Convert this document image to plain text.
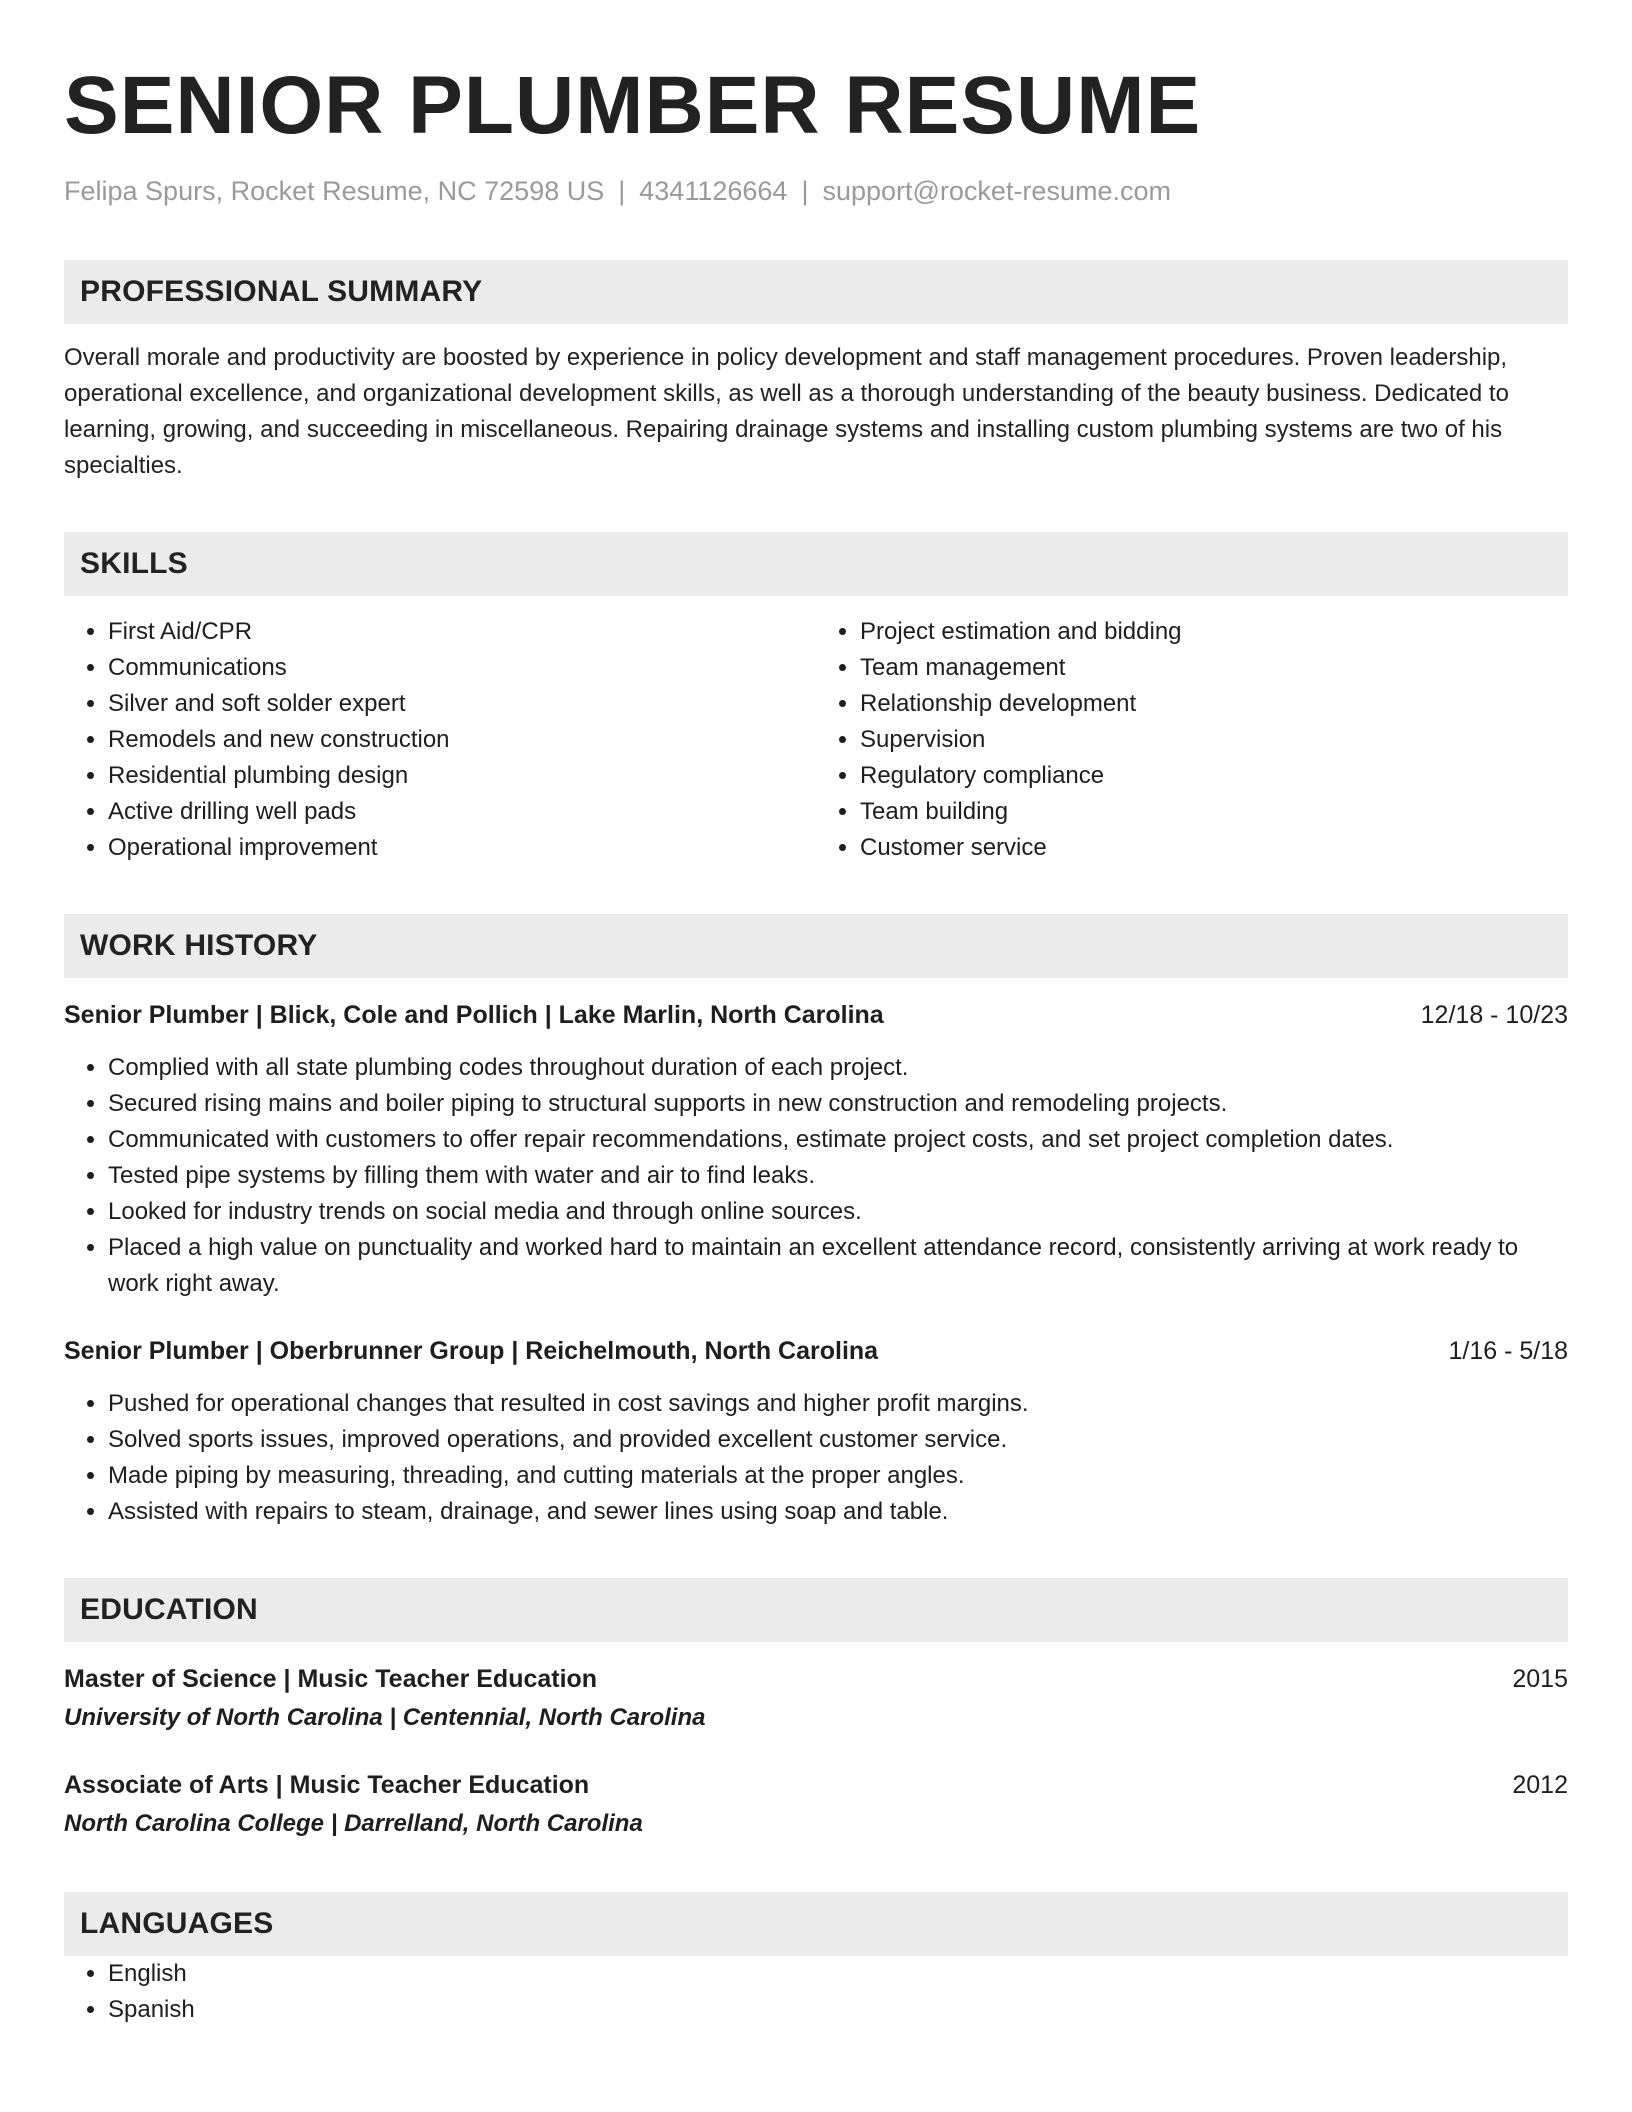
SENIOR PLUMBER RESUME
Felipa Spurs, Rocket Resume, NC 72598 US | 4341126664 | support@rocket-resume.com
PROFESSIONAL SUMMARY
Overall morale and productivity are boosted by experience in policy development and staff management procedures. Proven leadership, operational excellence, and organizational development skills, as well as a thorough understanding of the beauty business. Dedicated to learning, growing, and succeeding in miscellaneous. Repairing drainage systems and installing custom plumbing systems are two of his specialties.
SKILLS
• First Aid/CPR
• Communications
• Silver and soft solder expert
• Remodels and new construction
• Residential plumbing design
• Active drilling well pads
• Operational improvement
• Project estimation and bidding
• Team management
• Relationship development
• Supervision
• Regulatory compliance
• Team building
• Customer service
WORK HISTORY
Senior Plumber | Blick, Cole and Pollich | Lake Marlin, North Carolina	12/18 - 10/23
• Complied with all state plumbing codes throughout duration of each project.
• Secured rising mains and boiler piping to structural supports in new construction and remodeling projects.
• Communicated with customers to offer repair recommendations, estimate project costs, and set project completion dates.
• Tested pipe systems by filling them with water and air to find leaks.
• Looked for industry trends on social media and through online sources.
• Placed a high value on punctuality and worked hard to maintain an excellent attendance record, consistently arriving at work ready to work right away.
Senior Plumber | Oberbrunner Group | Reichelmouth, North Carolina	1/16 - 5/18
• Pushed for operational changes that resulted in cost savings and higher profit margins.
• Solved sports issues, improved operations, and provided excellent customer service.
• Made piping by measuring, threading, and cutting materials at the proper angles.
• Assisted with repairs to steam, drainage, and sewer lines using soap and table.
EDUCATION
Master of Science | Music Teacher Education	2015
University of North Carolina | Centennial, North Carolina
Associate of Arts | Music Teacher Education	2012
North Carolina College | Darrelland, North Carolina
LANGUAGES
• English
• Spanish
